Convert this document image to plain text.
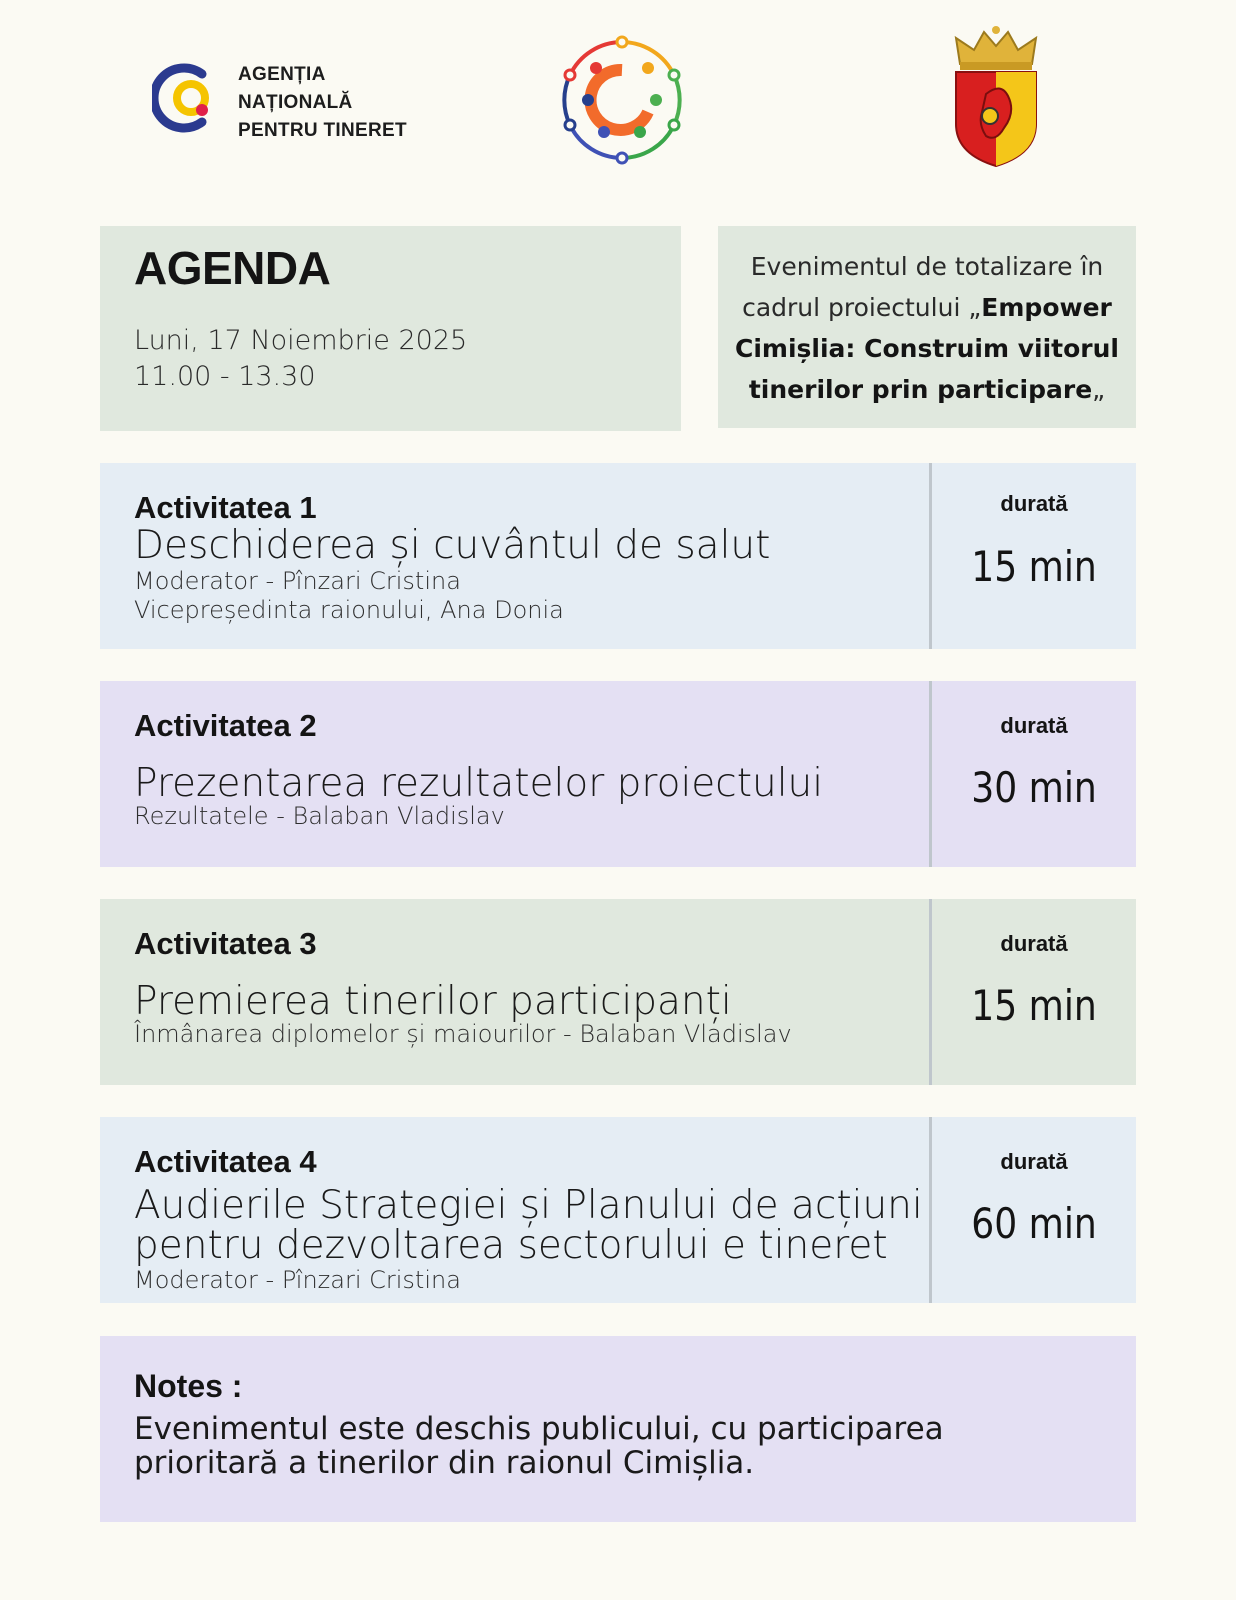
AGENȚIA
NAȚIONALĂ
PENTRU TINERET
AGENDA
Luni, 17 Noiembrie 2025
11.00 - 13.30
Evenimentul de totalizare în cadrul proiectului „Empower Cimișlia: Construim viitorul tinerilor prin participare„
Activitatea 1
Deschiderea și cuvântul de salut
Moderator - Pînzari Cristina
Vicepreședinta raionului, Ana Donia
durată
15 min
Activitatea 2
Prezentarea rezultatelor proiectului
Rezultatele - Balaban Vladislav
durată
30 min
Activitatea 3
Premierea tinerilor participanți
Înmânarea diplomelor și maiourilor - Balaban Vladislav
durată
15 min
Activitatea 4
Audierile Strategiei și Planului de acțiuni
pentru dezvoltarea sectorului e tineret
Moderator - Pînzari Cristina
durată
60 min
Notes :
Evenimentul este deschis publicului, cu participarea prioritară a tinerilor din raionul Cimișlia.
